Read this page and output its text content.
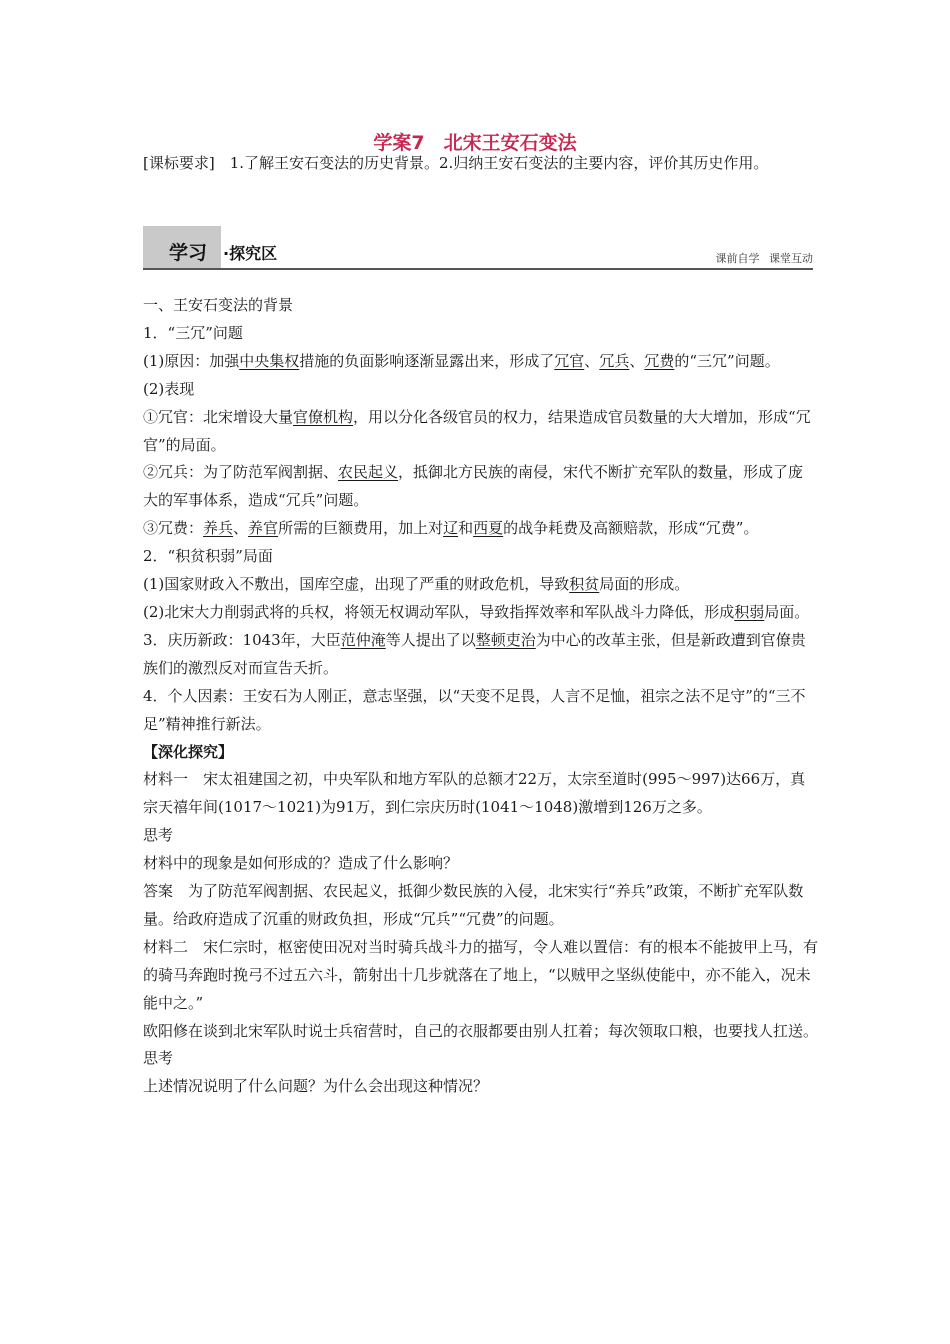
学案7　北宋王安石变法
[课标要求]　1.了解王安石变法的历史背景。2.归纳王安石变法的主要内容，评价其历史作用。
学习 ·探究区	课前自学 课堂互动

一、王安石变法的背景

1．“三冗”问题

(1)原因：加强中央集权措施的负面影响逐渐显露出来，形成了冗官、冗兵、冗费的“三冗”问题。

(2)表现

①冗官：北宋增设大量官僚机构，用以分化各级官员的权力，结果造成官员数量的大大增加，形成“冗官”的局面。

②冗兵：为了防范军阀割据、农民起义，抵御北方民族的南侵，宋代不断扩充军队的数量，形成了庞大的军事体系，造成“冗兵”问题。

③冗费：养兵、养官所需的巨额费用，加上对辽和西夏的战争耗费及高额赔款，形成“冗费”。

2．“积贫积弱”局面

(1)国家财政入不敷出，国库空虚，出现了严重的财政危机，导致积贫局面的形成。

(2)北宋大力削弱武将的兵权，将领无权调动军队，导致指挥效率和军队战斗力降低，形成积弱局面。

3．庆历新政：1043年，大臣范仲淹等人提出了以整顿吏治为中心的改革主张，但是新政遭到官僚贵族们的激烈反对而宣告夭折。

4．个人因素：王安石为人刚正，意志坚强，以“天变不足畏，人言不足恤，祖宗之法不足守”的“三不足”精神推行新法。

【深化探究】

材料一　宋太祖建国之初，中央军队和地方军队的总额才22万，太宗至道时(995～997)达66万，真宗天禧年间(1017～1021)为91万，到仁宗庆历时(1041～1048)激增到126万之多。

思考

材料中的现象是如何形成的？造成了什么影响？

答案　为了防范军阀割据、农民起义，抵御少数民族的入侵，北宋实行“养兵”政策，不断扩充军队数量。给政府造成了沉重的财政负担，形成“冗兵”“冗费”的问题。

材料二　宋仁宗时，枢密使田况对当时骑兵战斗力的描写，令人难以置信：有的根本不能披甲上马，有的骑马奔跑时挽弓不过五六斗，箭射出十几步就落在了地上，“以贼甲之坚纵使能中，亦不能入，况未能中之。”

欧阳修在谈到北宋军队时说士兵宿营时，自己的衣服都要由别人扛着；每次领取口粮，也要找人扛送。

思考

上述情况说明了什么问题？为什么会出现这种情况？
